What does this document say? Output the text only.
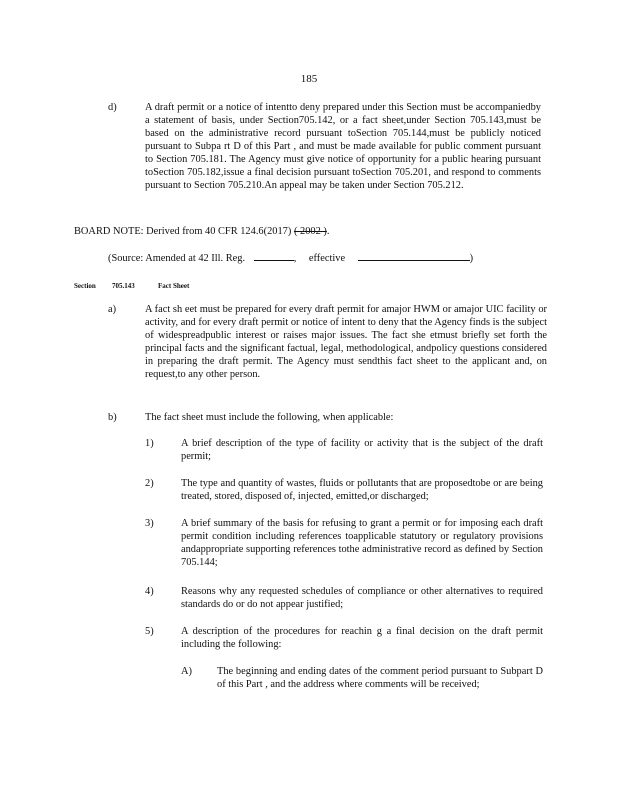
185
d)	A draft permit or a notice of intentto deny prepared under this Section must be accompaniedby a statement of basis, under Section705.142, or a fact sheet,under Section 705.143,must be based on the administrative record pursuant toSection 705.144,must be publicly noticed pursuant to Subpa rt D of this Part , and must be made available for public comment pursuant to Section 705.181. The Agency must give notice of opportunity for a public hearing pursuant toSection 705.182,issue a final decision pursuant toSection 705.201, and respond to comments pursuant to Section 705.210.An appeal may be taken under Section 705.212.
BOARD NOTE: Derived from 40 CFR 124.6(2017) ( 2002 ).
(Source: Amended at 42 Ill. Reg.	, effective	)
Section 705.143	Fact Sheet
a)	A fact sh eet must be prepared for every draft permit for amajor HWM or amajor UIC facility or activity, and for every draft permit or notice of intent to deny that the Agency finds is the subject of widespreadpublic interest or raises major issues. The fact she etmust briefly set forth the principal facts and the significant factual, legal, methodological, andpolicy questions considered in preparing the draft permit. The Agency must sendthis fact sheet to the applicant and, on request,to any other person.
b)	The fact sheet must include the following, when applicable:
1)	A brief description of the type of facility or activity that is the subject of the draft permit;
2)	The type and quantity of wastes, fluids or pollutants that are proposedtobe or are being treated, stored, disposed of, injected, emitted,or discharged;
3)	A brief summary of the basis for refusing to grant a permit or for imposing each draft permit condition including references toapplicable statutory or regulatory provisions andappropriate supporting references tothe administrative record as defined by Section 705.144;
4)	Reasons why any requested schedules of compliance or other alternatives to required standards do or do not appear justified;
5)	A description of the procedures for reachin g a final decision on the draft permit including the following:
A) The beginning and ending dates of the comment period pursuant to Subpart D of this Part , and the address where comments will be received;
